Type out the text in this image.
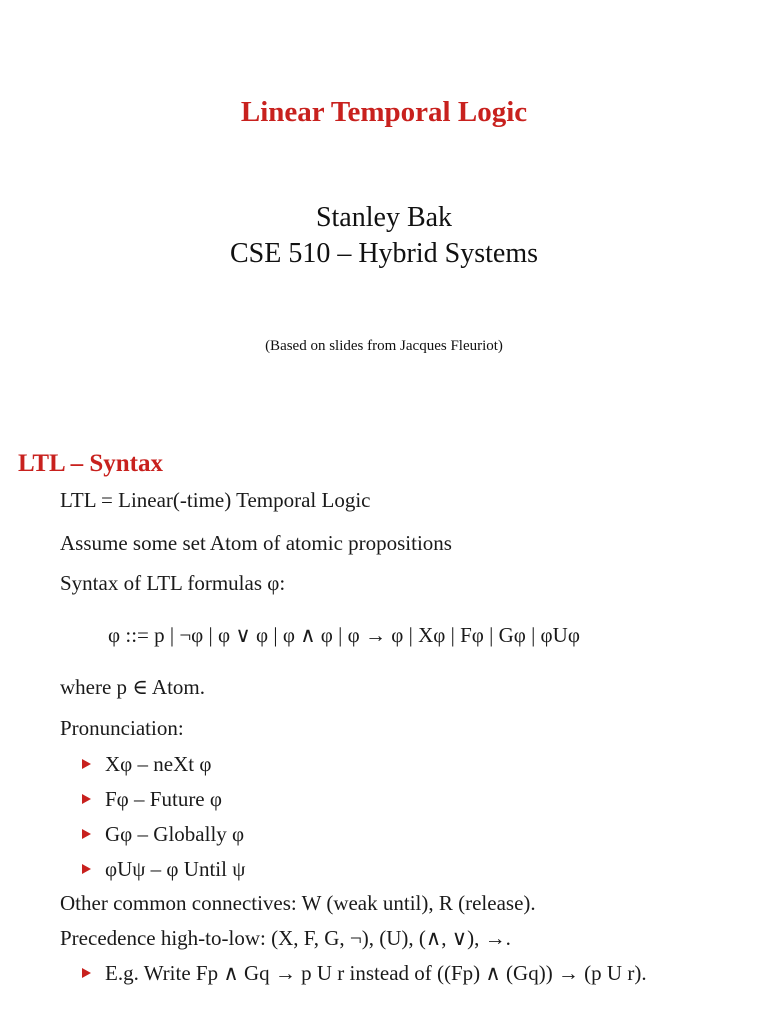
Linear Temporal Logic
Stanley Bak
CSE 510 – Hybrid Systems
(Based on slides from Jacques Fleuriot)
LTL – Syntax
LTL = Linear(-time) Temporal Logic
Assume some set Atom of atomic propositions
Syntax of LTL formulas φ:
φ ::= p | ¬φ | φ ∨ φ | φ ∧ φ | φ → φ | Xφ | Fφ | Gφ | φUφ
where p ∈ Atom.
Pronunciation:
Xφ – neXt φ
Fφ – Future φ
Gφ – Globally φ
φUψ – φ Until ψ
Other common connectives: W (weak until), R (release).
Precedence high-to-low: (X, F, G, ¬), (U), (∧, ∨), →.
E.g. Write Fp ∧ Gq → p U r instead of ((Fp) ∧ (Gq)) → (p U r).
